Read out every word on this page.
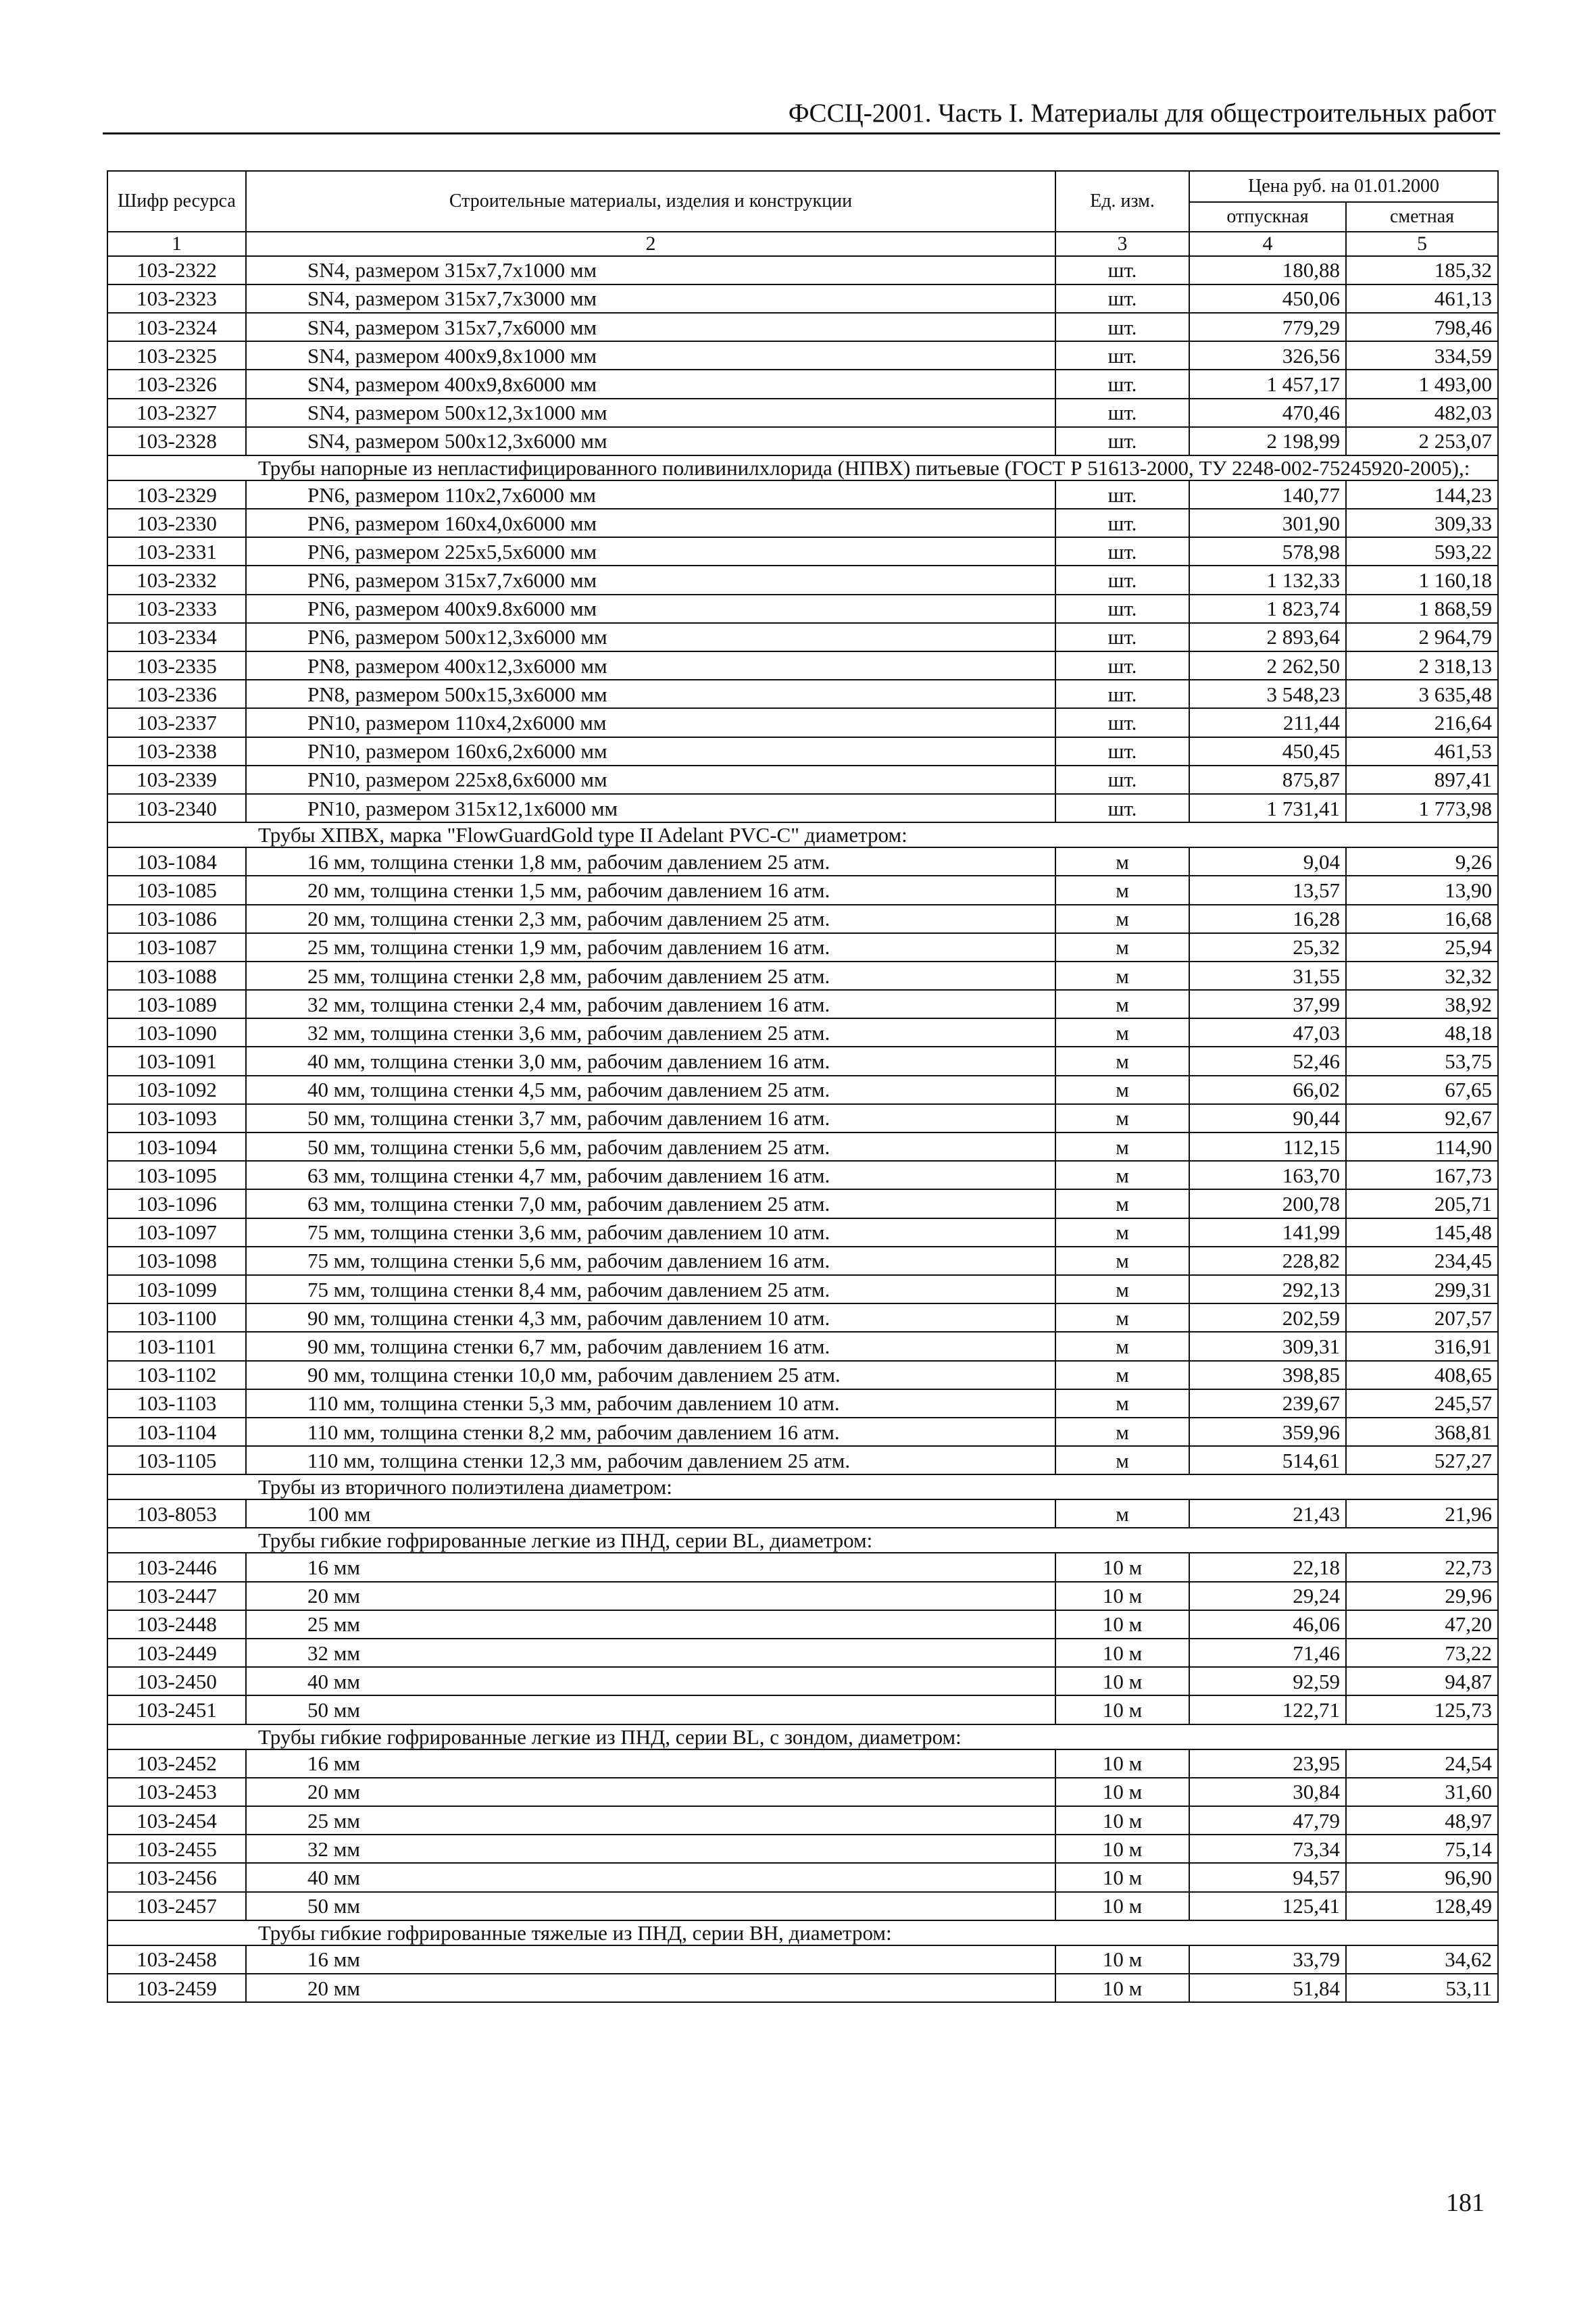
ФССЦ-2001. Часть I. Материалы для общестроительных работ
Шифр ресурса	Строительные материалы, изделия и конструкции	Ед. изм.	Цена руб. на 01.01.2000	
			отпускная	сметная
1	2	3	4	5
103-2322	SN4, размером 315x7,7x1000 мм	шт.	180,88	185,32
103-2323	SN4, размером 315x7,7x3000 мм	шт.	450,06	461,13
103-2324	SN4, размером 315x7,7x6000 мм	шт.	779,29	798,46
103-2325	SN4, размером 400x9,8x1000 мм	шт.	326,56	334,59
103-2326	SN4, размером 400x9,8x6000 мм	шт.	1 457,17	1 493,00
103-2327	SN4, размером 500x12,3x1000 мм	шт.	470,46	482,03
103-2328	SN4, размером 500x12,3x6000 мм	шт.	2 198,99	2 253,07
Трубы напорные из непластифицированного поливинилхлорида (НПВХ) питьевые (ГОСТ Р 51613-2000, ТУ 2248-002-75245920-2005),:				
103-2329	PN6, размером 110x2,7x6000 мм	шт.	140,77	144,23
103-2330	PN6, размером 160x4,0x6000 мм	шт.	301,90	309,33
103-2331	PN6, размером 225x5,5x6000 мм	шт.	578,98	593,22
103-2332	PN6, размером 315x7,7x6000 мм	шт.	1 132,33	1 160,18
103-2333	PN6, размером 400x9.8x6000 мм	шт.	1 823,74	1 868,59
103-2334	PN6, размером 500x12,3x6000 мм	шт.	2 893,64	2 964,79
103-2335	PN8, размером 400x12,3x6000 мм	шт.	2 262,50	2 318,13
103-2336	PN8, размером 500x15,3x6000 мм	шт.	3 548,23	3 635,48
103-2337	PN10, размером 110x4,2x6000 мм	шт.	211,44	216,64
103-2338	PN10, размером 160x6,2x6000 мм	шт.	450,45	461,53
103-2339	PN10, размером 225x8,6x6000 мм	шт.	875,87	897,41
103-2340	PN10, размером 315x12,1x6000 мм	шт.	1 731,41	1 773,98
Трубы ХПВХ, марка "FlowGuardGold type II Adelant PVC-C" диаметром:				
103-1084	16 мм, толщина стенки 1,8 мм, рабочим давлением 25 атм.	м	9,04	9,26
103-1085	20 мм, толщина стенки 1,5 мм, рабочим давлением 16 атм.	м	13,57	13,90
103-1086	20 мм, толщина стенки 2,3 мм, рабочим давлением 25 атм.	м	16,28	16,68
103-1087	25 мм, толщина стенки 1,9 мм, рабочим давлением 16 атм.	м	25,32	25,94
103-1088	25 мм, толщина стенки 2,8 мм, рабочим давлением 25 атм.	м	31,55	32,32
103-1089	32 мм, толщина стенки 2,4 мм, рабочим давлением 16 атм.	м	37,99	38,92
103-1090	32 мм, толщина стенки 3,6 мм, рабочим давлением 25 атм.	м	47,03	48,18
103-1091	40 мм, толщина стенки 3,0 мм, рабочим давлением 16 атм.	м	52,46	53,75
103-1092	40 мм, толщина стенки 4,5 мм, рабочим давлением 25 атм.	м	66,02	67,65
103-1093	50 мм, толщина стенки 3,7 мм, рабочим давлением 16 атм.	м	90,44	92,67
103-1094	50 мм, толщина стенки 5,6 мм, рабочим давлением 25 атм.	м	112,15	114,90
103-1095	63 мм, толщина стенки 4,7 мм, рабочим давлением 16 атм.	м	163,70	167,73
103-1096	63 мм, толщина стенки 7,0 мм, рабочим давлением 25 атм.	м	200,78	205,71
103-1097	75 мм, толщина стенки 3,6 мм, рабочим давлением 10 атм.	м	141,99	145,48
103-1098	75 мм, толщина стенки 5,6 мм, рабочим давлением 16 атм.	м	228,82	234,45
103-1099	75 мм, толщина стенки 8,4 мм, рабочим давлением 25 атм.	м	292,13	299,31
103-1100	90 мм, толщина стенки 4,3 мм, рабочим давлением 10 атм.	м	202,59	207,57
103-1101	90 мм, толщина стенки 6,7 мм, рабочим давлением 16 атм.	м	309,31	316,91
103-1102	90 мм, толщина стенки 10,0 мм, рабочим давлением 25 атм.	м	398,85	408,65
103-1103	110 мм, толщина стенки 5,3 мм, рабочим давлением 10 атм.	м	239,67	245,57
103-1104	110 мм, толщина стенки 8,2 мм, рабочим давлением 16 атм.	м	359,96	368,81
103-1105	110 мм, толщина стенки 12,3 мм, рабочим давлением 25 атм.	м	514,61	527,27
Трубы из вторичного полиэтилена диаметром:				
103-8053	100 мм	м	21,43	21,96
Трубы гибкие гофрированные легкие из ПНД, серии BL, диаметром:				
103-2446	16 мм	10 м	22,18	22,73
103-2447	20 мм	10 м	29,24	29,96
103-2448	25 мм	10 м	46,06	47,20
103-2449	32 мм	10 м	71,46	73,22
103-2450	40 мм	10 м	92,59	94,87
103-2451	50 мм	10 м	122,71	125,73
Трубы гибкие гофрированные легкие из ПНД, серии BL, с зондом, диаметром:				
103-2452	16 мм	10 м	23,95	24,54
103-2453	20 мм	10 м	30,84	31,60
103-2454	25 мм	10 м	47,79	48,97
103-2455	32 мм	10 м	73,34	75,14
103-2456	40 мм	10 м	94,57	96,90
103-2457	50 мм	10 м	125,41	128,49
Трубы гибкие гофрированные тяжелые из ПНД, серии ВН, диаметром:				
103-2458	16 мм	10 м	33,79	34,62
103-2459	20 мм	10 м	51,84	53,11
181
